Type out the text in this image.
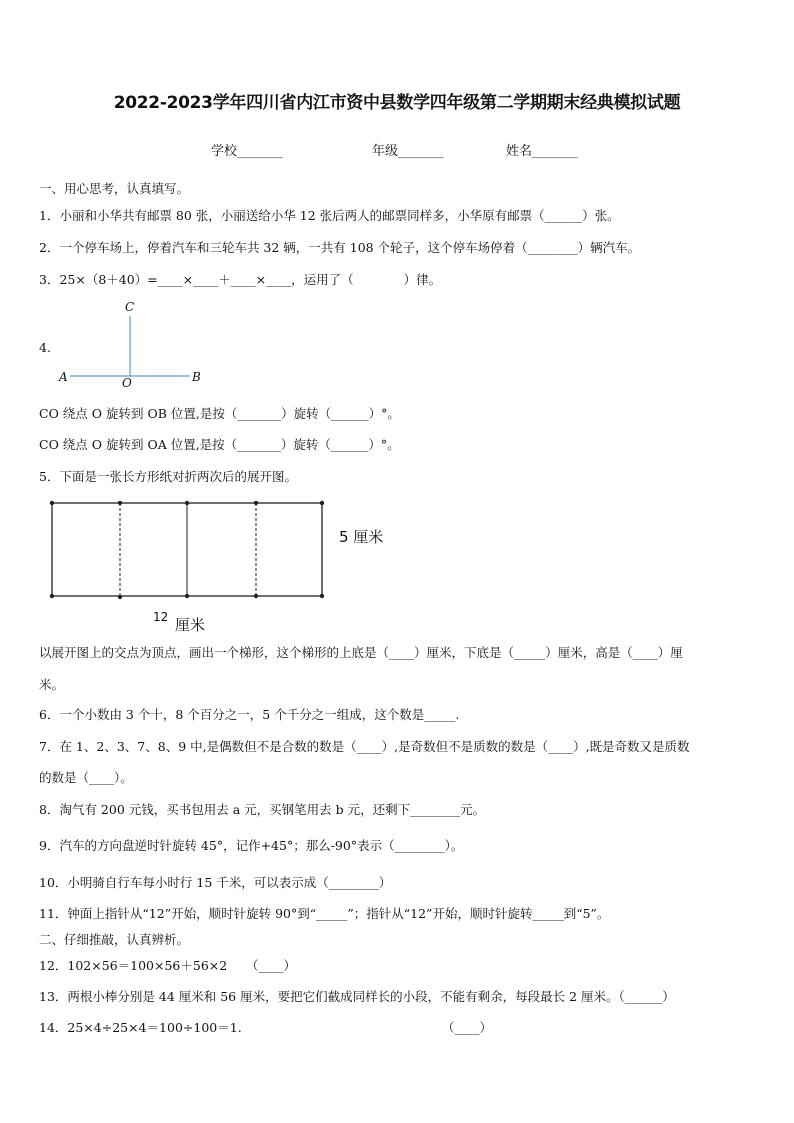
2022-2023学年四川省内江市资中县数学四年级第二学期期末经典模拟试题
学校_______	年级_______	姓名_______
一、用心思考，认真填写。
1．小丽和小华共有邮票 80 张，小丽送给小华 12 张后两人的邮票同样多，小华原有邮票（______）张。
2．一个停车场上，停着汽车和三轮车共 32 辆，一共有 108 个轮子，这个停车场停着（________）辆汽车。
3．25×（8＋40）=____×____＋____×____，运用了（　　　　）律。
4.
C
A	O	B
CO 绕点 O 旋转到 OB 位置,是按（_______）旋转（______）°。
CO 绕点 O 旋转到 OA 位置,是按（_______）旋转（______）°。
5．下面是一张长方形纸对折两次后的展开图。
5 厘米
12 厘米
以展开图上的交点为顶点，画出一个梯形，这个梯形的上底是（____）厘米，下底是（_____）厘米，高是（____）厘
米。
6．一个小数由 3 个十，8 个百分之一，5 个千分之一组成，这个数是_____.
7．在 1、2、3、7、8、9 中,是偶数但不是合数的数是（____）,是奇数但不是质数的数是（____）,既是奇数又是质数
的数是（____）。
8．淘气有 200 元钱，买书包用去 a 元，买钢笔用去 b 元，还剩下________元。
9．汽车的方向盘逆时针旋转 45°，记作+45°；那么-90°表示（________）。
10．小明骑自行车每小时行 15 千米，可以表示成（________）
11．钟面上指针从“12”开始，顺时针旋转 90°到“_____”；指针从“12”开始，顺时针旋转_____到“5”。
二、仔细推敲，认真辨析。
12．102×56＝100×56＋56×2　　（____）
13．两根小棒分别是 44 厘米和 56 厘米，要把它们截成同样长的小段，不能有剩余，每段最长 2 厘米。（______）
14．25×4÷25×4＝100÷100＝1.	（____）
